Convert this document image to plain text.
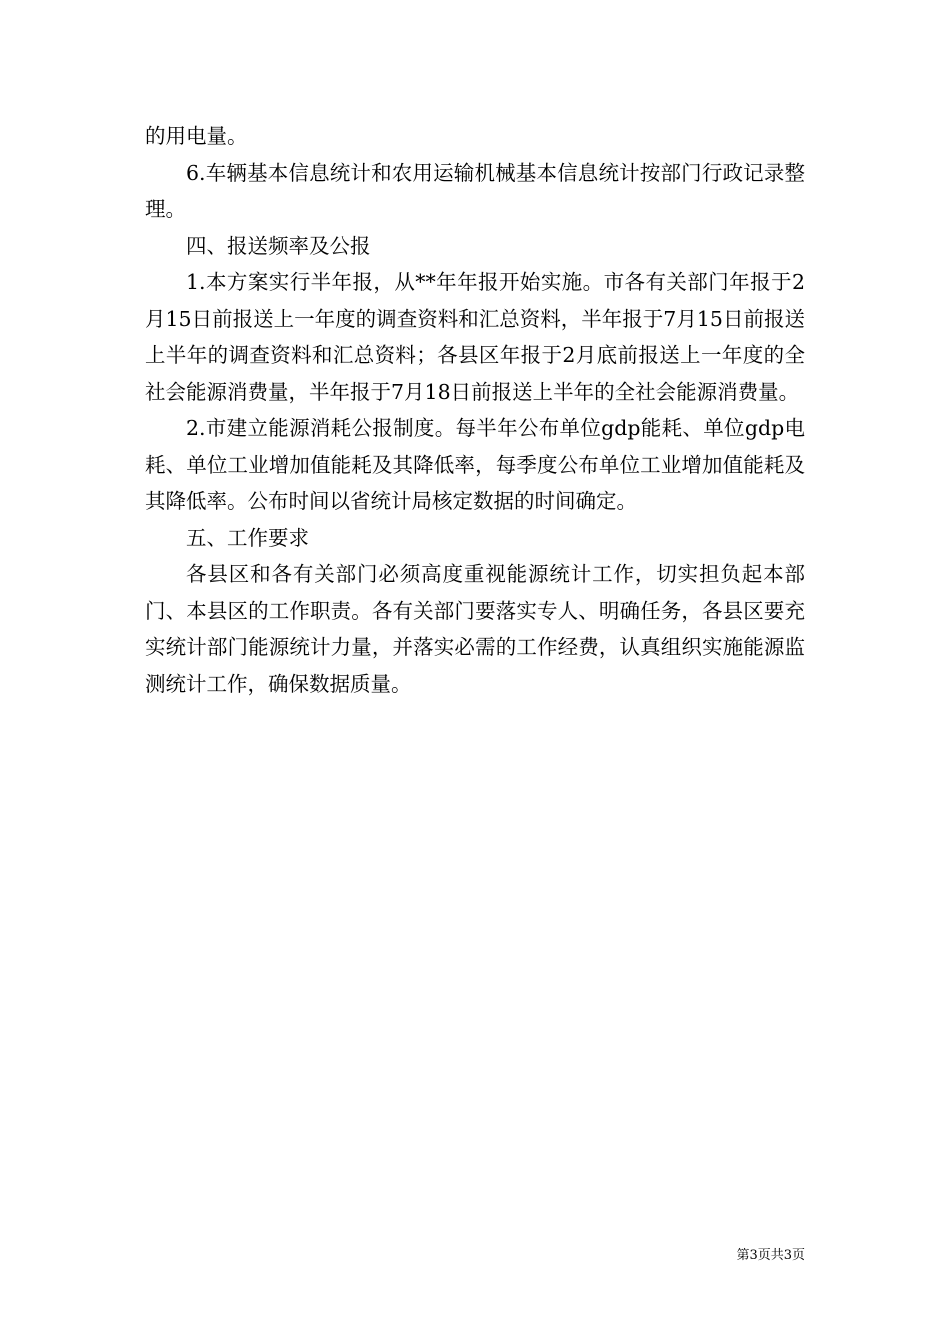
的用电量。

6.车辆基本信息统计和农用运输机械基本信息统计按部门行政记录整理。

四、报送频率及公报

1.本方案实行半年报，从**年年报开始实施。市各有关部门年报于2月15日前报送上一年度的调查资料和汇总资料，半年报于7月15日前报送上半年的调查资料和汇总资料；各县区年报于2月底前报送上一年度的全社会能源消费量，半年报于7月18日前报送上半年的全社会能源消费量。

2.市建立能源消耗公报制度。每半年公布单位gdp能耗、单位gdp电耗、单位工业增加值能耗及其降低率，每季度公布单位工业增加值能耗及其降低率。公布时间以省统计局核定数据的时间确定。

五、工作要求

各县区和各有关部门必须高度重视能源统计工作，切实担负起本部门、本县区的工作职责。各有关部门要落实专人、明确任务，各县区要充实统计部门能源统计力量，并落实必需的工作经费，认真组织实施能源监测统计工作，确保数据质量。

第3页共3页
